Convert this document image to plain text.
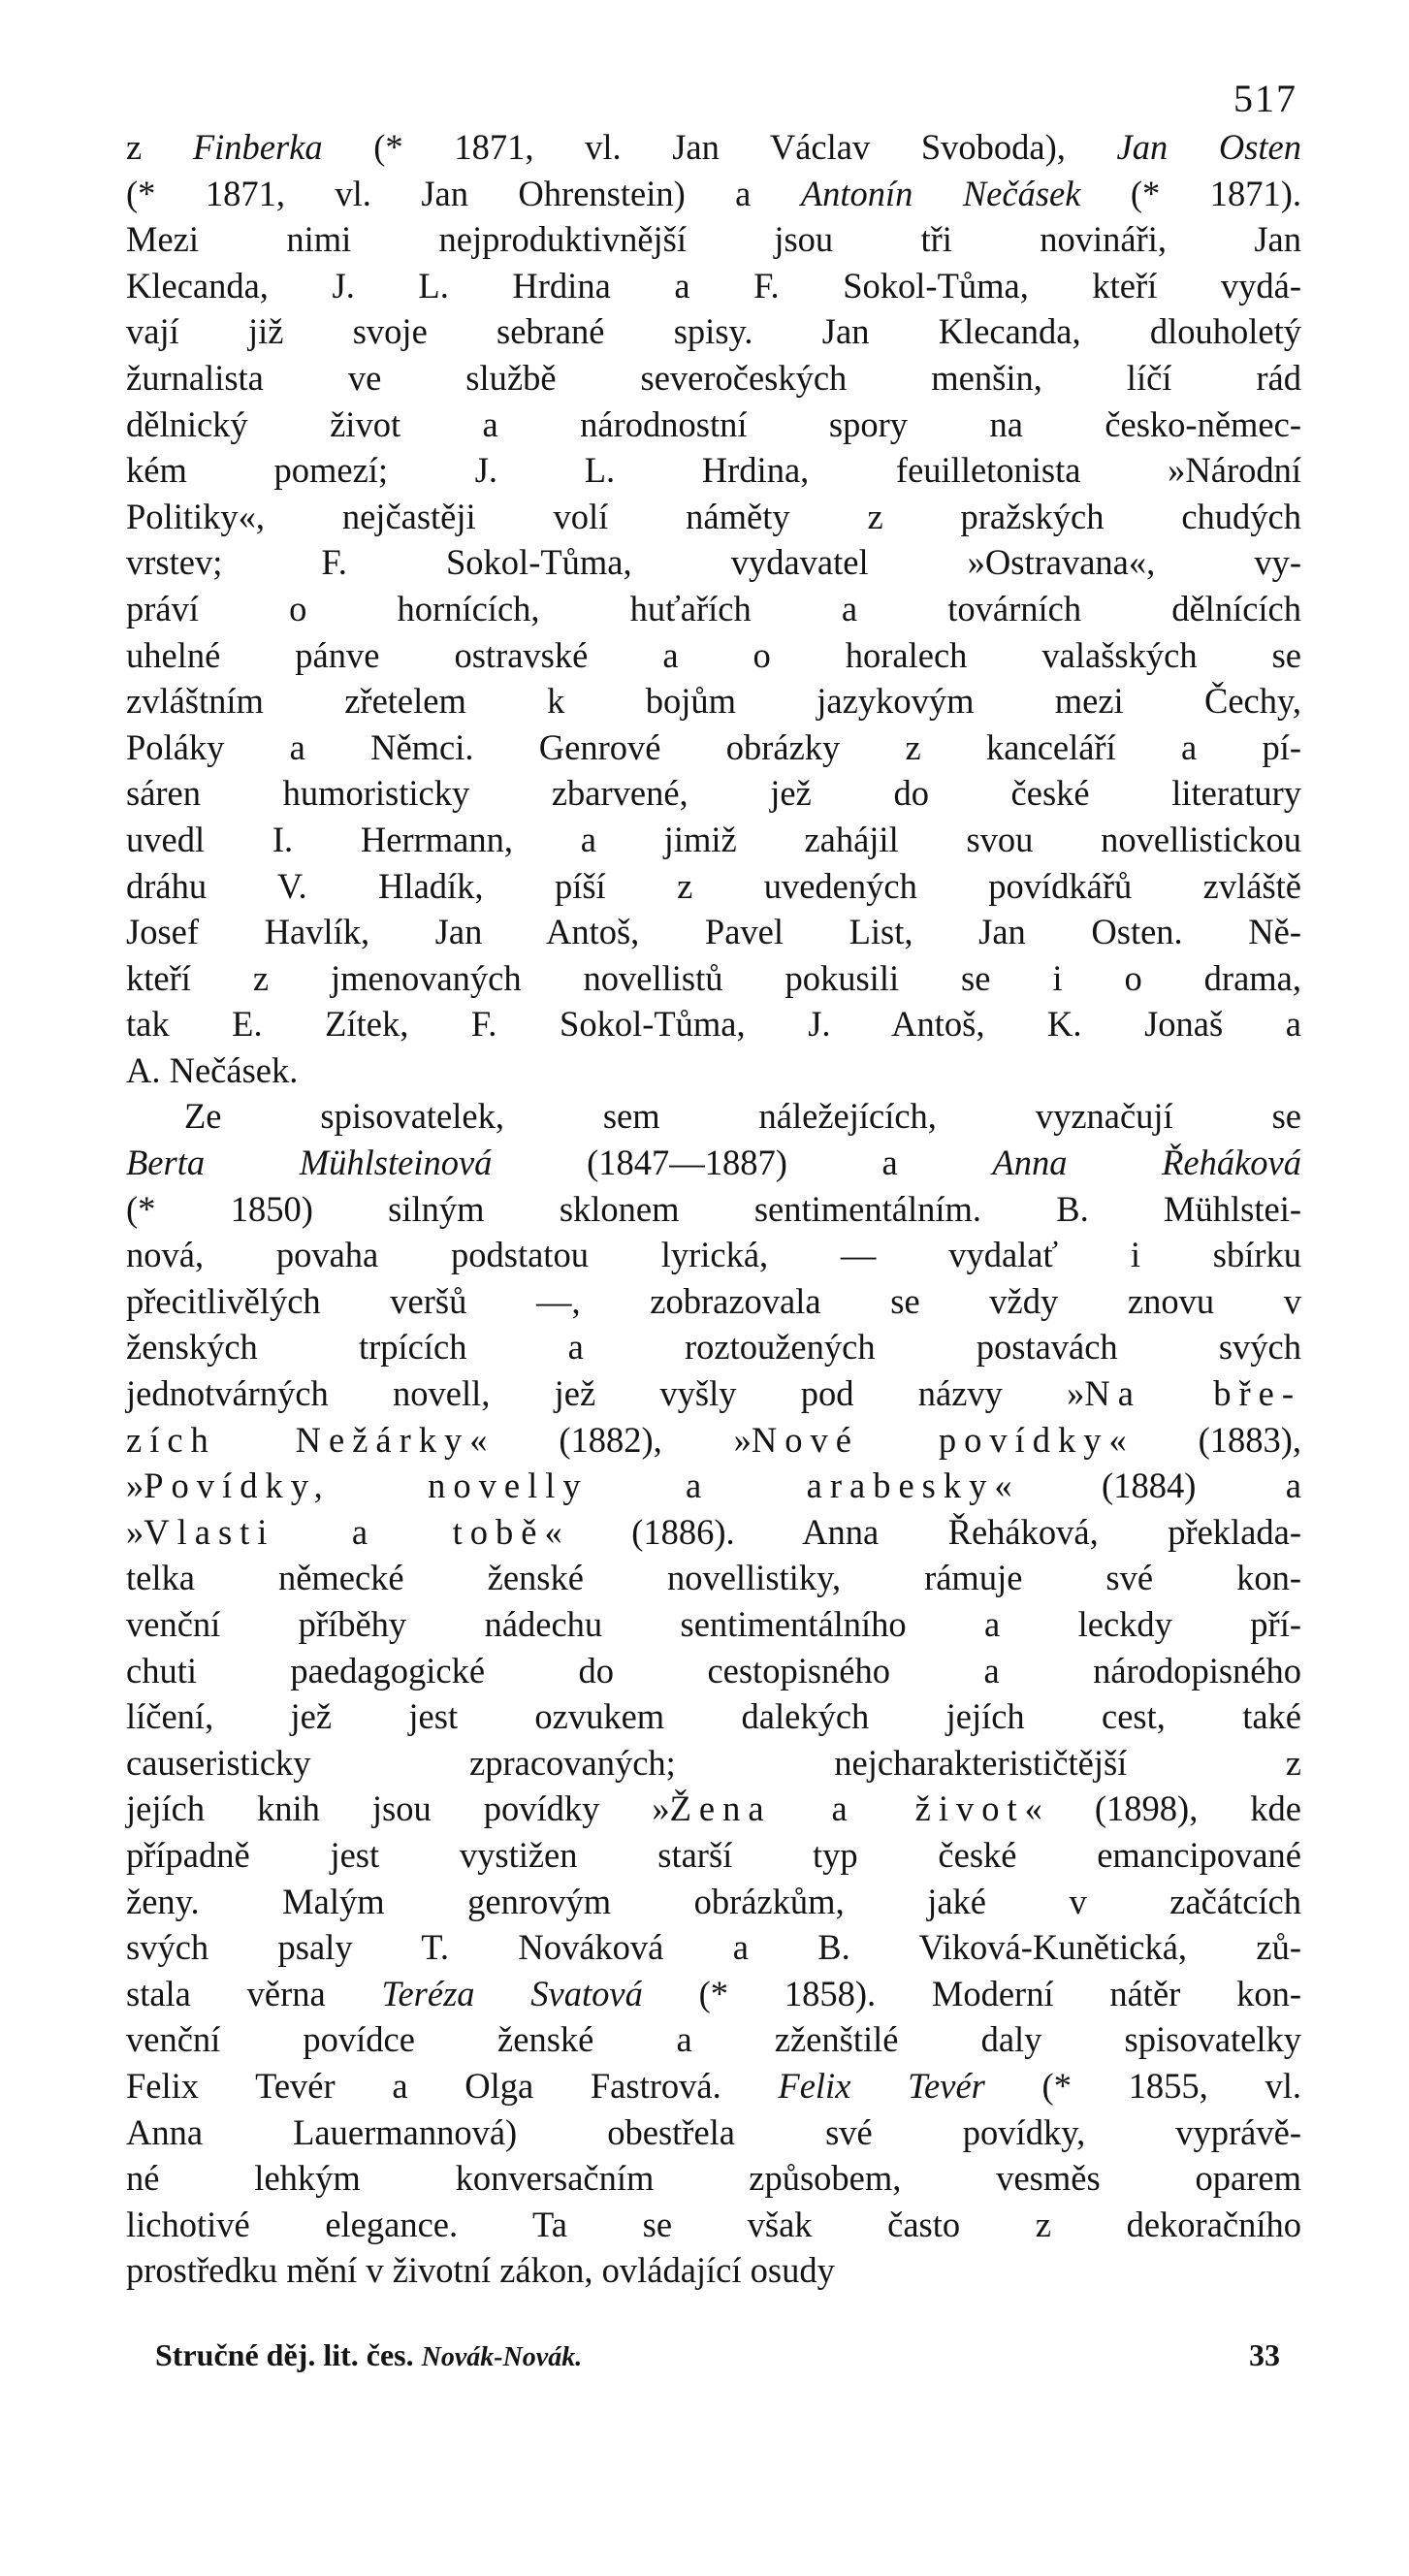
517
z Finberka (* 1871, vl. Jan Václav Svoboda), Jan Osten
(* 1871, vl. Jan Ohrenstein) a Antonín Nečásek (* 1871).
Mezi nimi nejproduktivnější jsou tři novináři, Jan
Klecanda, J. L. Hrdina a F. Sokol-Tůma, kteří vydá-
vají již svoje sebrané spisy. Jan Klecanda, dlouholetý
žurnalista ve službě severočeských menšin, líčí rád
dělnický život a národnostní spory na česko-němec-
kém pomezí; J. L. Hrdina, feuilletonista »Národní
Politiky«, nejčastěji volí náměty z pražských chudých
vrstev; F. Sokol-Tůma, vydavatel »Ostravana«, vy-
práví o hornících, huťařích a továrních dělnících
uhelné pánve ostravské a o horalech valašských se
zvláštním zřetelem k bojům jazykovým mezi Čechy,
Poláky a Němci. Genrové obrázky z kanceláří a pí-
sáren humoristicky zbarvené, jež do české literatury
uvedl I. Herrmann, a jimiž zahájil svou novellistickou
dráhu V. Hladík, píší z uvedených povídkářů zvláště
Josef Havlík, Jan Antoš, Pavel List, Jan Osten. Ně-
kteří z jmenovaných novellistů pokusili se i o drama,
tak E. Zítek, F. Sokol-Tůma, J. Antoš, K. Jonaš a
A. Nečásek.
Ze spisovatelek, sem náležejících, vyznačují se
Berta Mühlsteinová (1847—1887) a Anna Řeháková
(* 1850) silným sklonem sentimentálním. B. Mühlstei-
nová, povaha podstatou lyrická, — vydalať i sbírku
přecitlivělých veršů —, zobrazovala se vždy znovu v
ženských trpících a roztoužených postavách svých
jednotvárných novell, jež vyšly pod názvy »Na bře-
zích Nežárky« (1882), »Nové povídky« (1883),
»Povídky, novelly a arabesky« (1884) a
»Vlasti a tobě« (1886). Anna Řeháková, překlada-
telka německé ženské novellistiky, rámuje své kon-
venční příběhy nádechu sentimentálního a leckdy pří-
chuti paedagogické do cestopisného a národopisného
líčení, jež jest ozvukem dalekých jejích cest, také
causeristicky zpracovaných; nejcharakterističtější z
jejích knih jsou povídky »Žena a život« (1898), kde
případně jest vystižen starší typ české emancipované
ženy. Malým genrovým obrázkům, jaké v začátcích
svých psaly T. Nováková a B. Viková-Kunětická, zů-
stala věrna Teréza Svatová (* 1858). Moderní nátěr kon-
venční povídce ženské a zženštilé daly spisovatelky
Felix Tevér a Olga Fastrová. Felix Tevér (* 1855, vl.
Anna Lauermannová) obestřela své povídky, vyprávě-
né lehkým konversačním způsobem, vesměs oparem
lichotivé elegance. Ta se však často z dekoračního
prostředku mění v životní zákon, ovládající osudy
Stručné děj. lit. čes. Novák-Novák.	33
